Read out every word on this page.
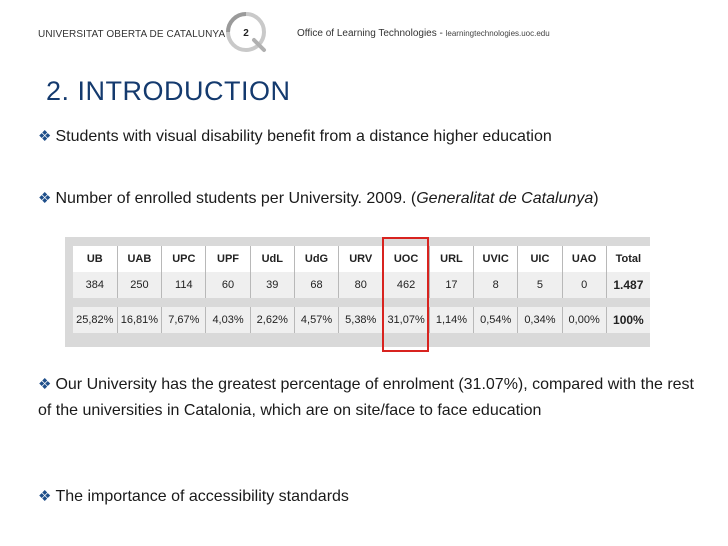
UNIVERSITAT OBERTA DE CATALUNYA	2	Office of Learning Technologies - learningtechnologies.uoc.edu
2. INTRODUCTION
❖ Students with visual disability benefit from a distance higher education
❖ Number of enrolled students per University. 2009. (Generalitat de Catalunya)
UB	UAB	UPC	UPF	UdL	UdG	URV	UOC	URL	UVIC	UIC	UAO	Total
384	250	114	60	39	68	80	462	17	8	5	0	1.487

25,82%	16,81%	7,67%	4,03%	2,62%	4,57%	5,38%	31,07%	1,14%	0,54%	0,34%	0,00%	100%
❖ Our University has the greatest percentage of enrolment (31.07%), compared with the rest of the universities in Catalonia, which are on site/face to face education
❖ The importance of accessibility standards
